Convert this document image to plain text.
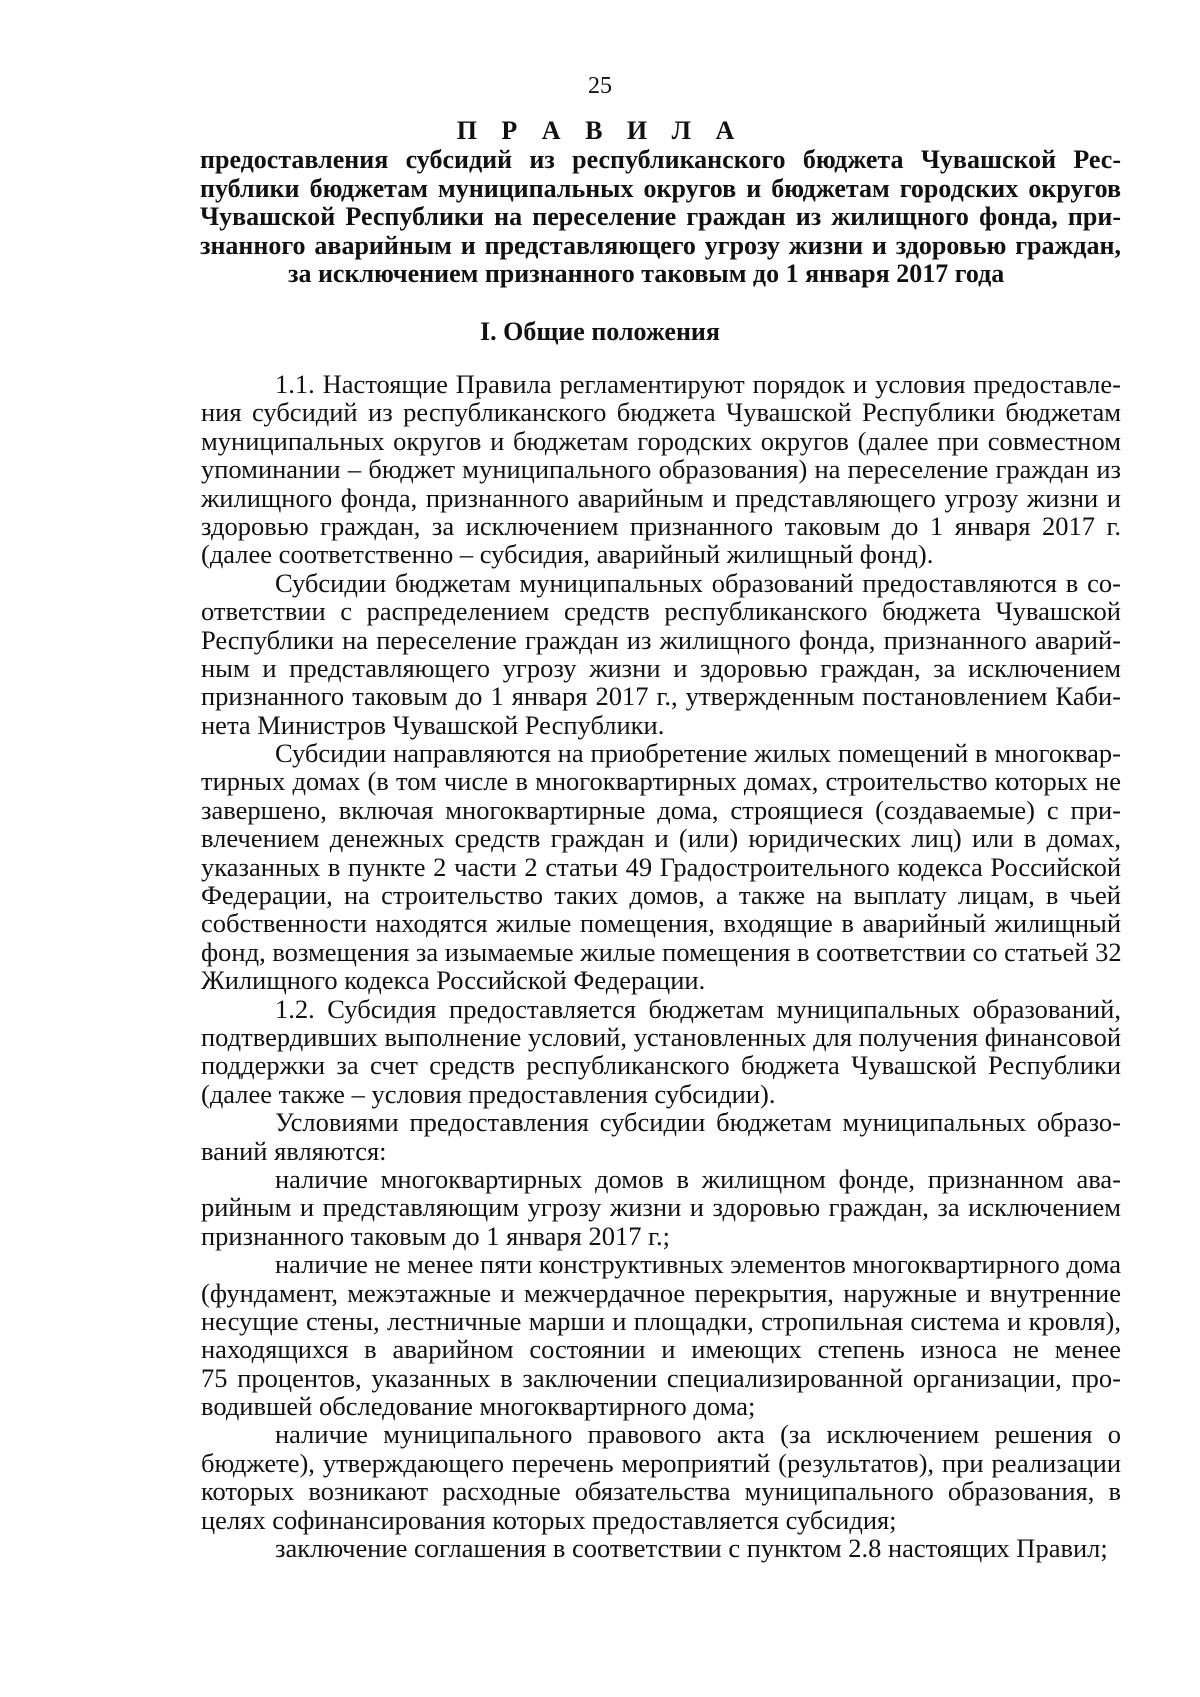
25
П Р А В И Л А
предоставления субсидий из республиканского бюджета Чувашской Рес-
публики бюджетам муниципальных округов и бюджетам городских округов
Чувашской Республики на переселение граждан из жилищного фонда, при-
знанного аварийным и представляющего угрозу жизни и здоровью граждан,
за исключением признанного таковым до 1 января 2017 года
I. Общие положения
1.1. Настоящие Правила регламентируют порядок и условия предоставле-
ния субсидий из республиканского бюджета Чувашской Республики бюджетам
муниципальных округов и бюджетам городских округов (далее при совместном
упоминании – бюджет муниципального образования) на переселение граждан из
жилищного фонда, признанного аварийным и представляющего угрозу жизни и
здоровью граждан, за исключением признанного таковым до 1 января 2017 г.
(далее соответственно – субсидия, аварийный жилищный фонд).
Субсидии бюджетам муниципальных образований предоставляются в со-
ответствии с распределением средств республиканского бюджета Чувашской
Республики на переселение граждан из жилищного фонда, признанного аварий-
ным и представляющего угрозу жизни и здоровью граждан, за исключением
признанного таковым до 1 января 2017 г., утвержденным постановлением Каби-
нета Министров Чувашской Республики.
Субсидии направляются на приобретение жилых помещений в многоквар-
тирных домах (в том числе в многоквартирных домах, строительство которых не
завершено, включая многоквартирные дома, строящиеся (создаваемые) с при-
влечением денежных средств граждан и (или) юридических лиц) или в домах,
указанных в пункте 2 части 2 статьи 49 Градостроительного кодекса Российской
Федерации, на строительство таких домов, а также на выплату лицам, в чьей
собственности находятся жилые помещения, входящие в аварийный жилищный
фонд, возмещения за изымаемые жилые помещения в соответствии со статьей 32
Жилищного кодекса Российской Федерации.
1.2. Субсидия предоставляется бюджетам муниципальных образований,
подтвердивших выполнение условий, установленных для получения финансовой
поддержки за счет средств республиканского бюджета Чувашской Республики
(далее также – условия предоставления субсидии).
Условиями предоставления субсидии бюджетам муниципальных образо-
ваний являются:
наличие многоквартирных домов в жилищном фонде, признанном ава-
рийным и представляющим угрозу жизни и здоровью граждан, за исключением
признанного таковым до 1 января 2017 г.;
наличие не менее пяти конструктивных элементов многоквартирного дома
(фундамент, межэтажные и межчердачное перекрытия, наружные и внутренние
несущие стены, лестничные марши и площадки, стропильная система и кровля),
находящихся в аварийном состоянии и имеющих степень износа не менее
75 процентов, указанных в заключении специализированной организации, про-
водившей обследование многоквартирного дома;
наличие муниципального правового акта (за исключением решения о
бюджете), утверждающего перечень мероприятий (результатов), при реализации
которых возникают расходные обязательства муниципального образования, в
целях софинансирования которых предоставляется субсидия;
заключение соглашения в соответствии с пунктом 2.8 настоящих Правил;
